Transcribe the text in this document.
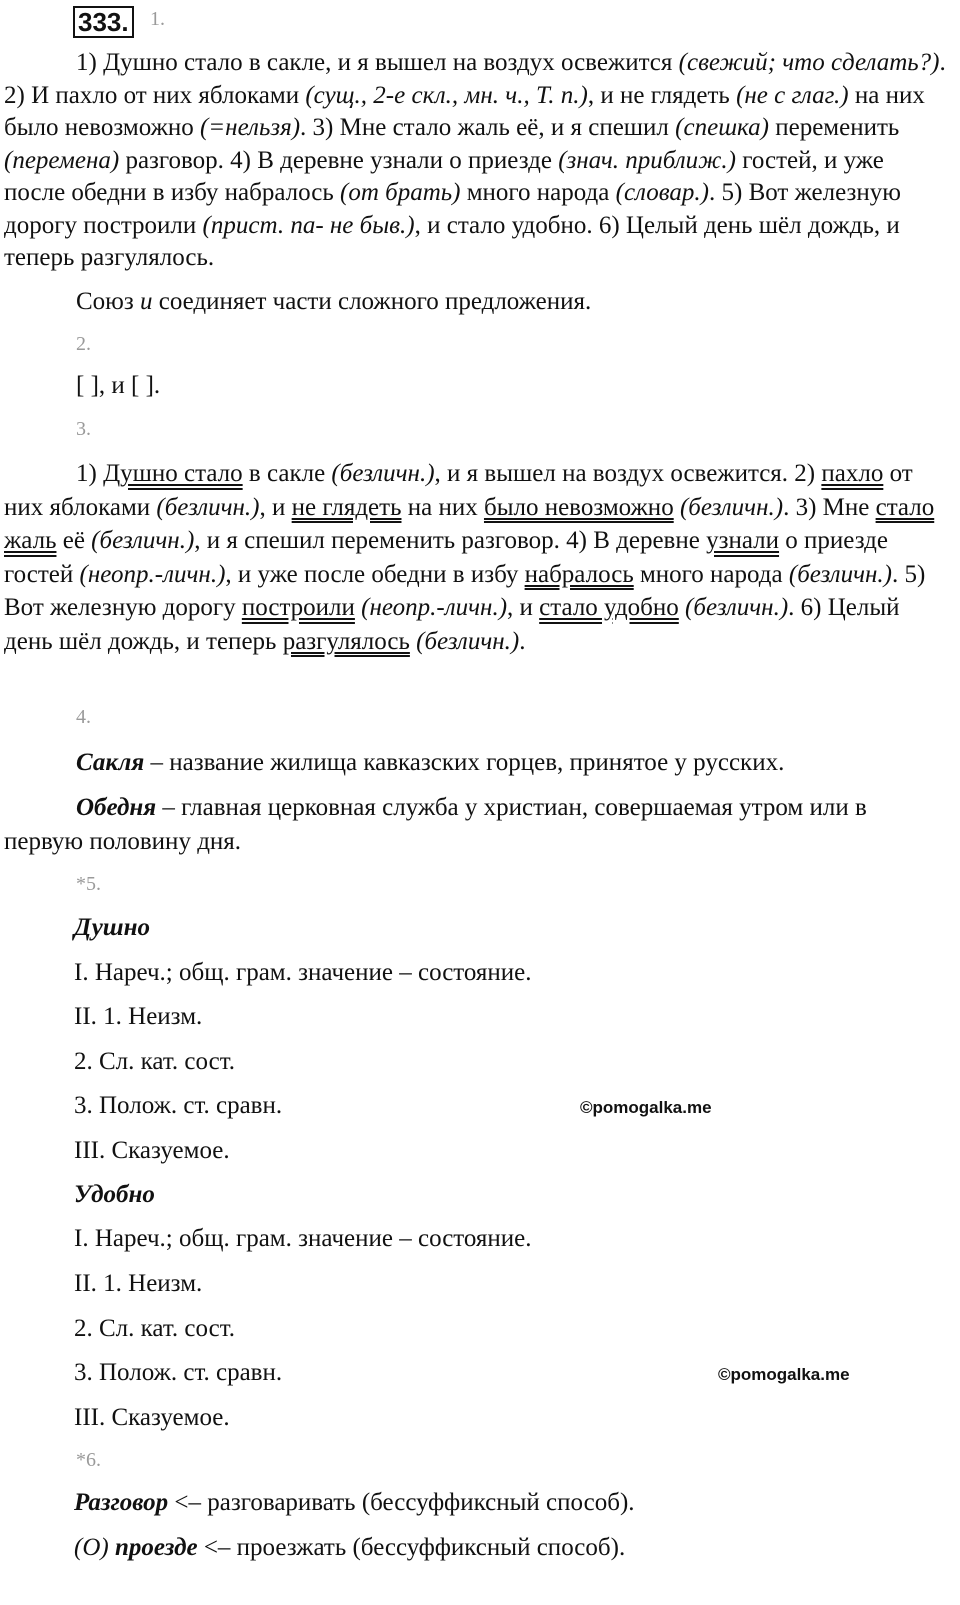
333. 1.
1) Душно стало в сакле, и я вышел на воздух освежится (свежий; что сделать?). 2) И пахло от них яблоками (сущ., 2-е скл., мн. ч., Т. п.), и не глядеть (не с глаг.) на них было невозможно (=нельзя). 3) Мне стало жаль её, и я спешил (спешка) переменить (перемена) разговор. 4) В деревне узнали о приезде (знач. приближ.) гостей, и уже после обедни в избу набралось (от брать) много народа (словар.). 5) Вот железную дорогу построили (прист. па- не быв.), и стало удобно. 6) Целый день шёл дождь, и теперь разгулялось.
Союз и соединяет части сложного предложения.
2.
[ ], и [ ].
3.
1) Душно стало в сакле (безличн.), и я вышел на воздух освежится. 2) пахло от них яблоками (безличн.), и не глядеть на них было невозможно (безличн.). 3) Мне стало жаль её (безличн.), и я спешил переменить разговор. 4) В деревне узнали о приезде гостей (неопр.-личн.), и уже после обедни в избу набралось много народа (безличн.). 5) Вот железную дорогу построили (неопр.-личн.), и стало удобно (безличн.). 6) Целый день шёл дождь, и теперь разгулялось (безличн.).
4.
Сакля – название жилища кавказских горцев, принятое у русских.
Обедня – главная церковная служба у христиан, совершаемая утром или в первую половину дня.
*5.
Душно
I. Нареч.; общ. грам. значение – состояние.
II. 1. Неизм.
2. Сл. кат. сост.
3. Полож. ст. сравн.	©pomogalka.me
III. Сказуемое.
Удобно
I. Нареч.; общ. грам. значение – состояние.
II. 1. Неизм.
2. Сл. кат. сост.
3. Полож. ст. сравн.	©pomogalka.me
III. Сказуемое.
*6.
Разговор <– разговаривать (бессуффиксный способ).
(О) проезде <– проезжать (бессуффиксный способ).
